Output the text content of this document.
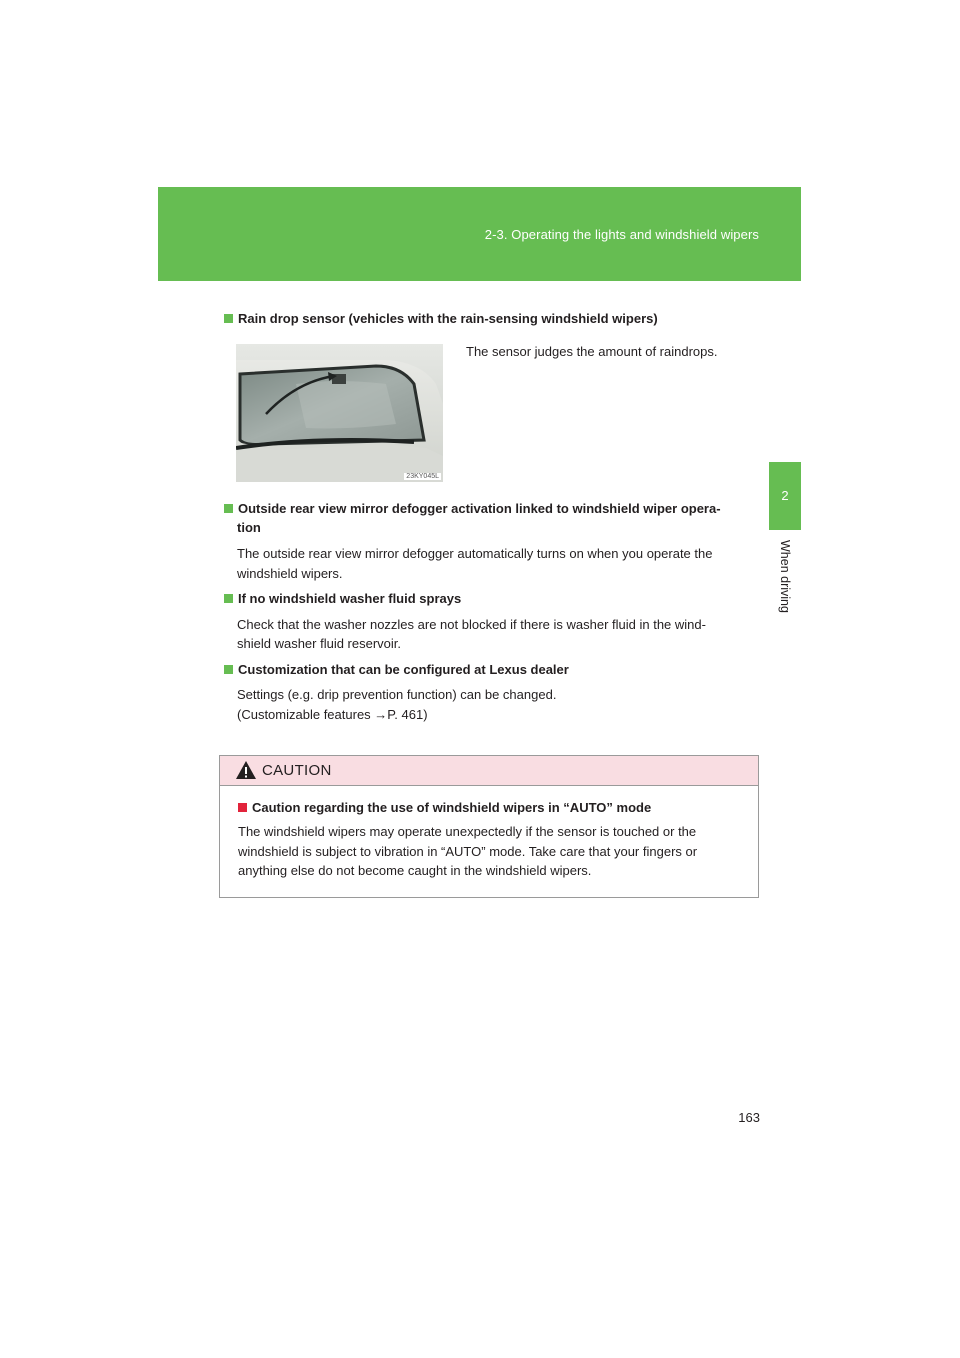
2-3. Operating the lights and windshield wipers
2
When driving
Rain drop sensor (vehicles with the rain-sensing windshield wipers)
23KY045L
The sensor judges the amount of raindrops.
Outside rear view mirror defogger activation linked to windshield wiper opera-
tion
The outside rear view mirror defogger automatically turns on when you operate the
windshield wipers.
If no windshield washer fluid sprays
Check that the washer nozzles are not blocked if there is washer fluid in the wind-
shield washer fluid reservoir.
Customization that can be configured at Lexus dealer
Settings (e.g. drip prevention function) can be changed.
(Customizable features →P. 461)
CAUTION
Caution regarding the use of windshield wipers in “AUTO” mode
The windshield wipers may operate unexpectedly if the sensor is touched or the
windshield is subject to vibration in “AUTO” mode. Take care that your fingers or
anything else do not become caught in the windshield wipers.
163
